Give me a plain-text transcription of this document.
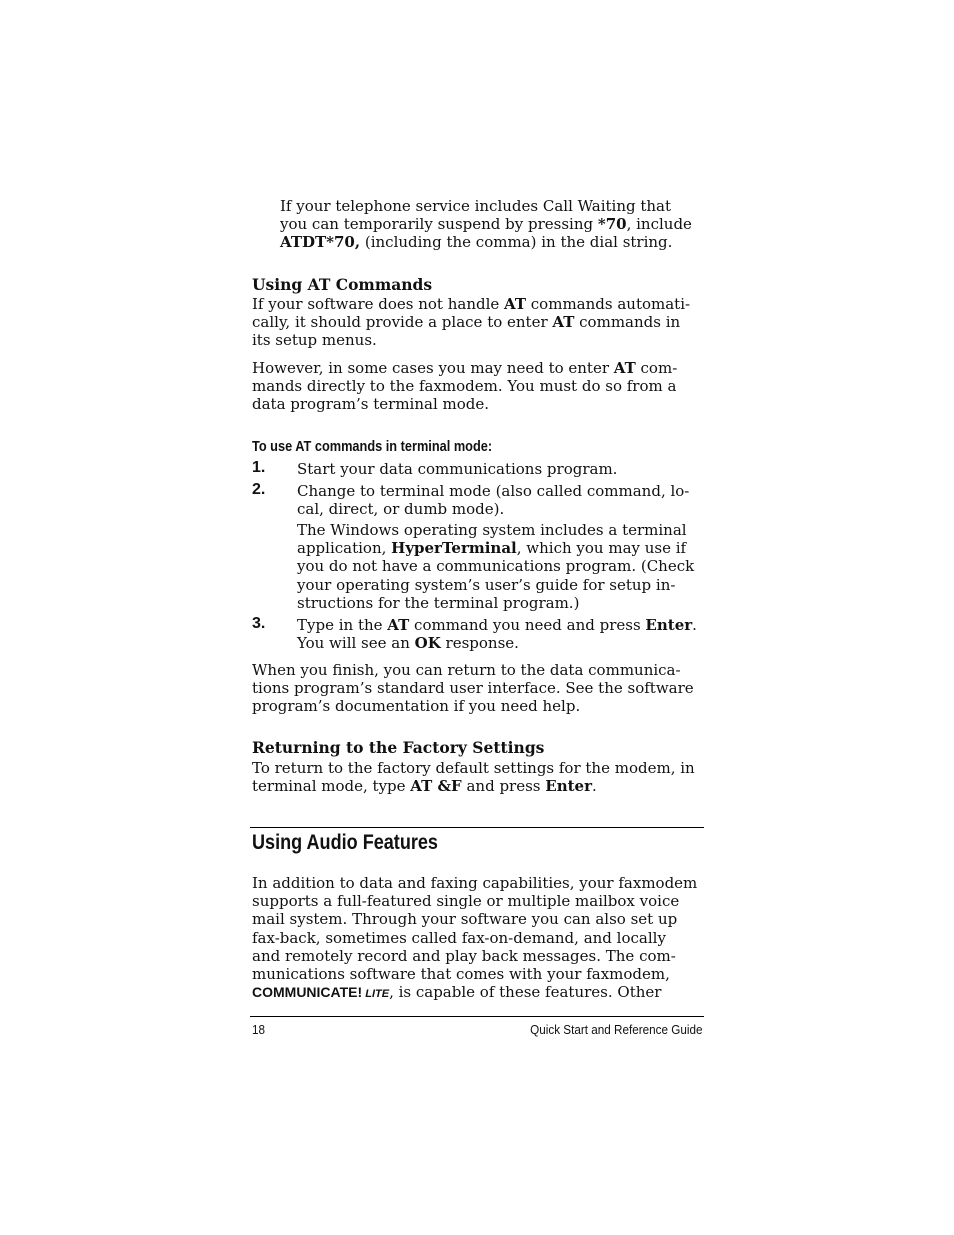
If your telephone service includes Call Waiting that
you can temporarily suspend by pressing *70, include
ATDT*70, (including the comma) in the dial string.
Using AT Commands
If your software does not handle AT commands automati-
cally, it should provide a place to enter AT commands in
its setup menus.
However, in some cases you may need to enter AT com-
mands directly to the faxmodem. You must do so from a
data program’s terminal mode.
To use AT commands in terminal mode:
1. Start your data communications program.
2. Change to terminal mode (also called command, lo-
cal, direct, or dumb mode).
The Windows operating system includes a terminal
application, HyperTerminal, which you may use if
you do not have a communications program. (Check
your operating system’s user’s guide for setup in-
structions for the terminal program.)
3. Type in the AT command you need and press Enter.
You will see an OK response.
When you finish, you can return to the data communica-
tions program’s standard user interface. See the software
program’s documentation if you need help.
Returning to the Factory Settings
To return to the factory default settings for the modem, in
terminal mode, type AT &F and press Enter.
Using Audio Features
In addition to data and faxing capabilities, your faxmodem
supports a full-featured single or multiple mailbox voice
mail system. Through your software you can also set up
fax-back, sometimes called fax-on-demand, and locally
and remotely record and play back messages. The com-
munications software that comes with your faxmodem,
COMMUNICATE! LITE, is capable of these features. Other
18	Quick Start and Reference Guide
